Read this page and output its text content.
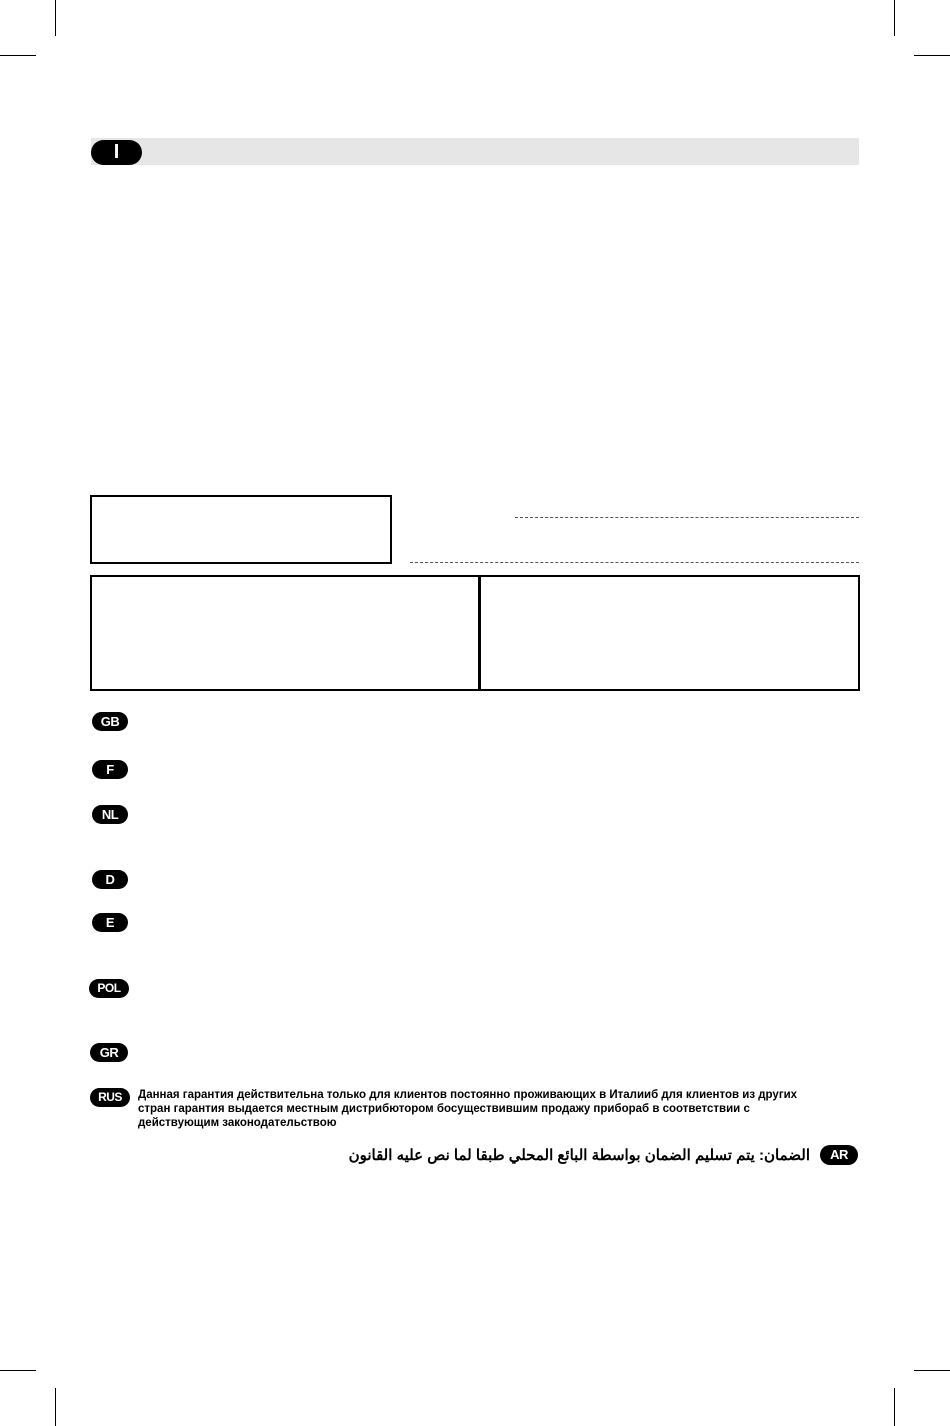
I
GB
F
NL
D
E
POL
GR
RUS	Данная гарантия действительна только для клиентов постоянно проживающих в Италииб для клиентов из других

стран гарантия выдается местным дистрибютором босуществившим продажу прибораб в соответствии с

действующим законодательствою

الضمان: يتم تسليم الضمان بواسطة البائع المحلي طبقا لما نص عليه القانون	AR
